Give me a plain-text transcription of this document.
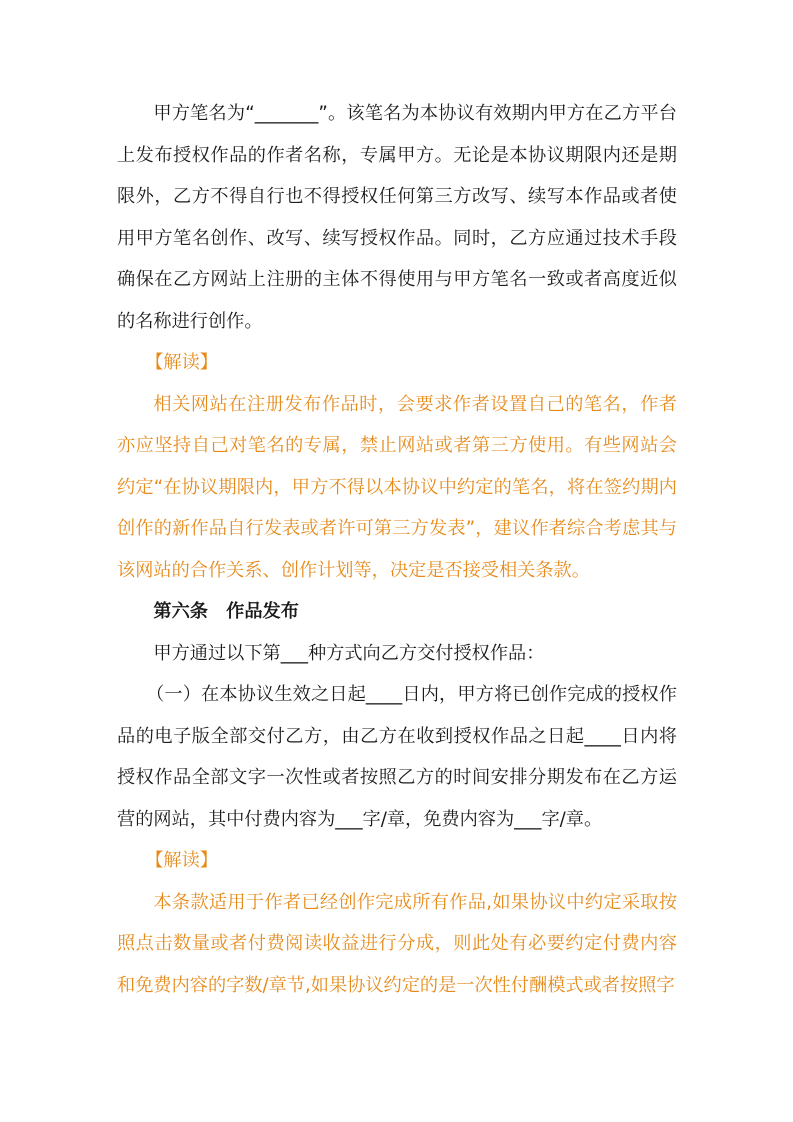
甲方笔名为“_______”。该笔名为本协议有效期内甲方在乙方平台上发布授权作品的作者名称，专属甲方。无论是本协议期限内还是期限外，乙方不得自行也不得授权任何第三方改写、续写本作品或者使用甲方笔名创作、改写、续写授权作品。同时，乙方应通过技术手段确保在乙方网站上注册的主体不得使用与甲方笔名一致或者高度近似的名称进行创作。

【解读】

相关网站在注册发布作品时，会要求作者设置自己的笔名，作者亦应坚持自己对笔名的专属，禁止网站或者第三方使用。有些网站会约定“在协议期限内，甲方不得以本协议中约定的笔名，将在签约期内创作的新作品自行发表或者许可第三方发表”，建议作者综合考虑其与该网站的合作关系、创作计划等，决定是否接受相关条款。

第六条　作品发布

甲方通过以下第___种方式向乙方交付授权作品：

（一）在本协议生效之日起____日内，甲方将已创作完成的授权作品的电子版全部交付乙方，由乙方在收到授权作品之日起____日内将授权作品全部文字一次性或者按照乙方的时间安排分期发布在乙方运营的网站，其中付费内容为___字/章，免费内容为___字/章。

【解读】

本条款适用于作者已经创作完成所有作品,如果协议中约定采取按照点击数量或者付费阅读收益进行分成，则此处有必要约定付费内容和免费内容的字数/章节,如果协议约定的是一次性付酬模式或者按照字
